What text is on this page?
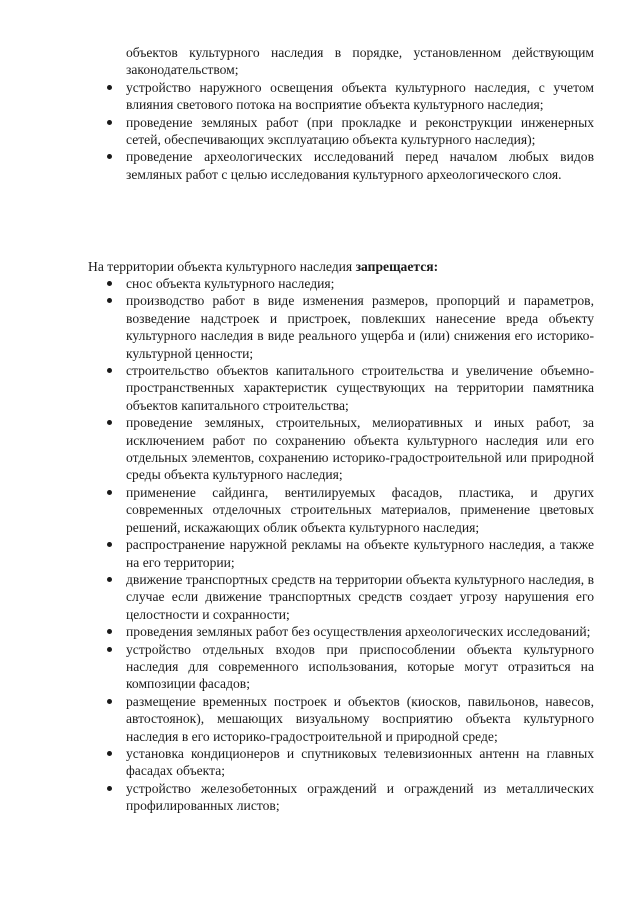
объектов культурного наследия в порядке, установленном действующим законодательством;
устройство наружного освещения объекта культурного наследия, с учетом влияния светового потока на восприятие объекта культурного наследия;
проведение земляных работ (при прокладке и реконструкции инженерных сетей, обеспечивающих эксплуатацию объекта культурного наследия);
проведение археологических исследований перед началом любых видов земляных работ с целью исследования культурного археологического слоя.
На территории объекта культурного наследия запрещается:
снос объекта культурного наследия;
производство работ в виде изменения размеров, пропорций и параметров, возведение надстроек и пристроек, повлекших нанесение вреда объекту культурного наследия в виде реального ущерба и (или) снижения его историко-культурной ценности;
строительство объектов капитального строительства и увеличение объемно-пространственных характеристик существующих на территории памятника объектов капитального строительства;
проведение земляных, строительных, мелиоративных и иных работ, за исключением работ по сохранению объекта культурного наследия или его отдельных элементов, сохранению историко-градостроительной или природной среды объекта культурного наследия;
применение сайдинга, вентилируемых фасадов, пластика, и других современных отделочных строительных материалов, применение цветовых решений, искажающих облик объекта культурного наследия;
распространение наружной рекламы на объекте культурного наследия, а также на его территории;
движение транспортных средств на территории объекта культурного наследия, в случае если движение транспортных средств создает угрозу нарушения его целостности и сохранности;
проведения земляных работ без осуществления археологических исследований;
устройство отдельных входов при приспособлении объекта культурного наследия для современного использования, которые могут отразиться на композиции фасадов;
размещение временных построек и объектов (киосков, павильонов, навесов, автостоянок), мешающих визуальному восприятию объекта культурного наследия в его историко-градостроительной и природной среде;
установка кондиционеров и спутниковых телевизионных антенн на главных фасадах объекта;
устройство железобетонных ограждений и ограждений из металлических профилированных листов;
